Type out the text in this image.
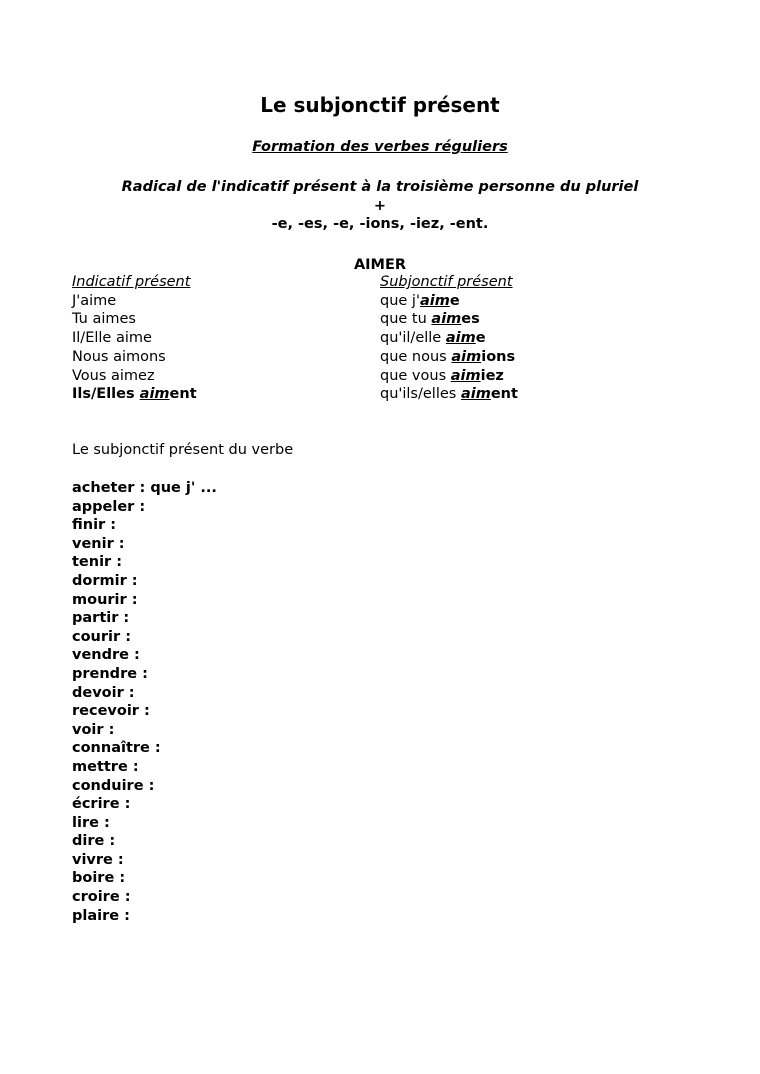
Le subjonctif présent
Formation des verbes réguliers
Radical de l'indicatif présent à la troisième personne du pluriel
+
-e, -es, -e, -ions, -iez, -ent.
AIMER
Indicatif présent
J'aime
Tu aimes
Il/Elle aime
Nous aimons
Vous aimez
Ils/Elles aiment
Subjonctif présent
que j'aime
que tu aimes
qu'il/elle aime
que nous aimions
que vous aimiez
qu'ils/elles aiment
Le subjonctif présent du verbe
acheter : que j' ...
appeler :
finir :
venir :
tenir :
dormir :
mourir :
partir :
courir :
vendre :
prendre :
devoir :
recevoir :
voir :
connaître :
mettre :
conduire :
écrire :
lire :
dire :
vivre :
boire :
croire :
plaire :
